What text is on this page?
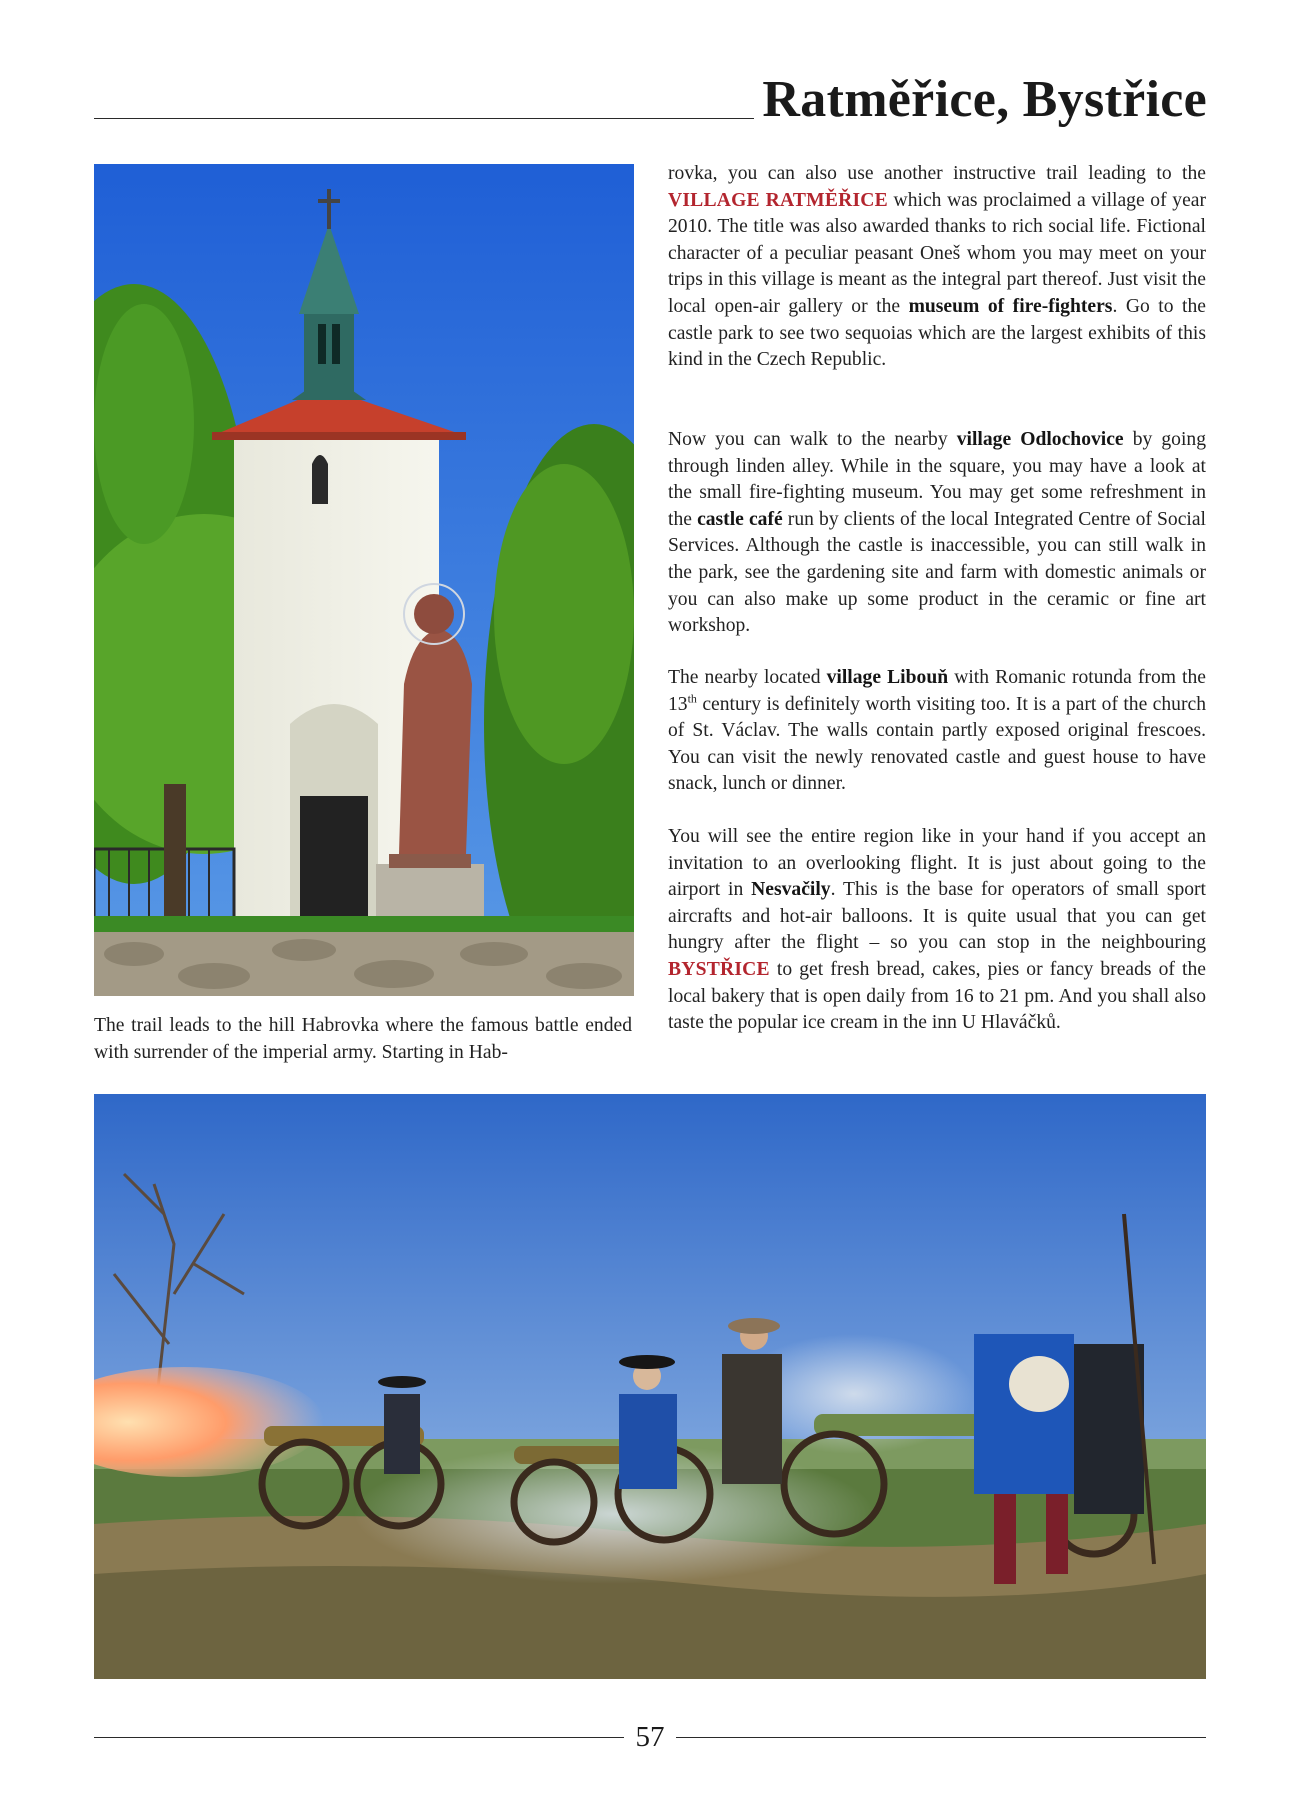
Ratměřice, Bystřice

The trail leads to the hill Habrovka where the famous battle ended with surrender of the imperial army. Starting in Hab-

rovka, you can also use another instructive trail leading to the VILLAGE RATMĚŘICE which was proclaimed a village of year 2010. The title was also awarded thanks to rich social life. Fictional character of a peculiar peasant Oneš whom you may meet on your trips in this village is meant as the integral part thereof. Just visit the local open-air gallery or the museum of fire-fighters. Go to the castle park to see two sequoias which are the largest exhibits of this kind in the Czech Republic.

Now you can walk to the nearby village Odlochovice by going through linden alley. While in the square, you may have a look at the small fire-fighting museum. You may get some refreshment in the castle café run by clients of the local Integrated Centre of Social Services. Although the castle is inaccessible, you can still walk in the park, see the gardening site and farm with domestic animals or you can also make up some product in the ceramic or fine art workshop.

The nearby located village Libouň with Romanic rotunda from the 13th century is definitely worth visiting too. It is a part of the church of St. Václav. The walls contain partly exposed original frescoes. You can visit the newly renovated castle and guest house to have snack, lunch or dinner.

You will see the entire region like in your hand if you accept an invitation to an overlooking flight. It is just about going to the airport in Nesvačily. This is the base for operators of small sport aircrafts and hot-air balloons. It is quite usual that you can get hungry after the flight – so you can stop in the neighbouring BYSTŘICE to get fresh bread, cakes, pies or fancy breads of the local bakery that is open daily from 16 to 21 pm. And you shall also taste the popular ice cream in the inn U Hlaváčků.

57
